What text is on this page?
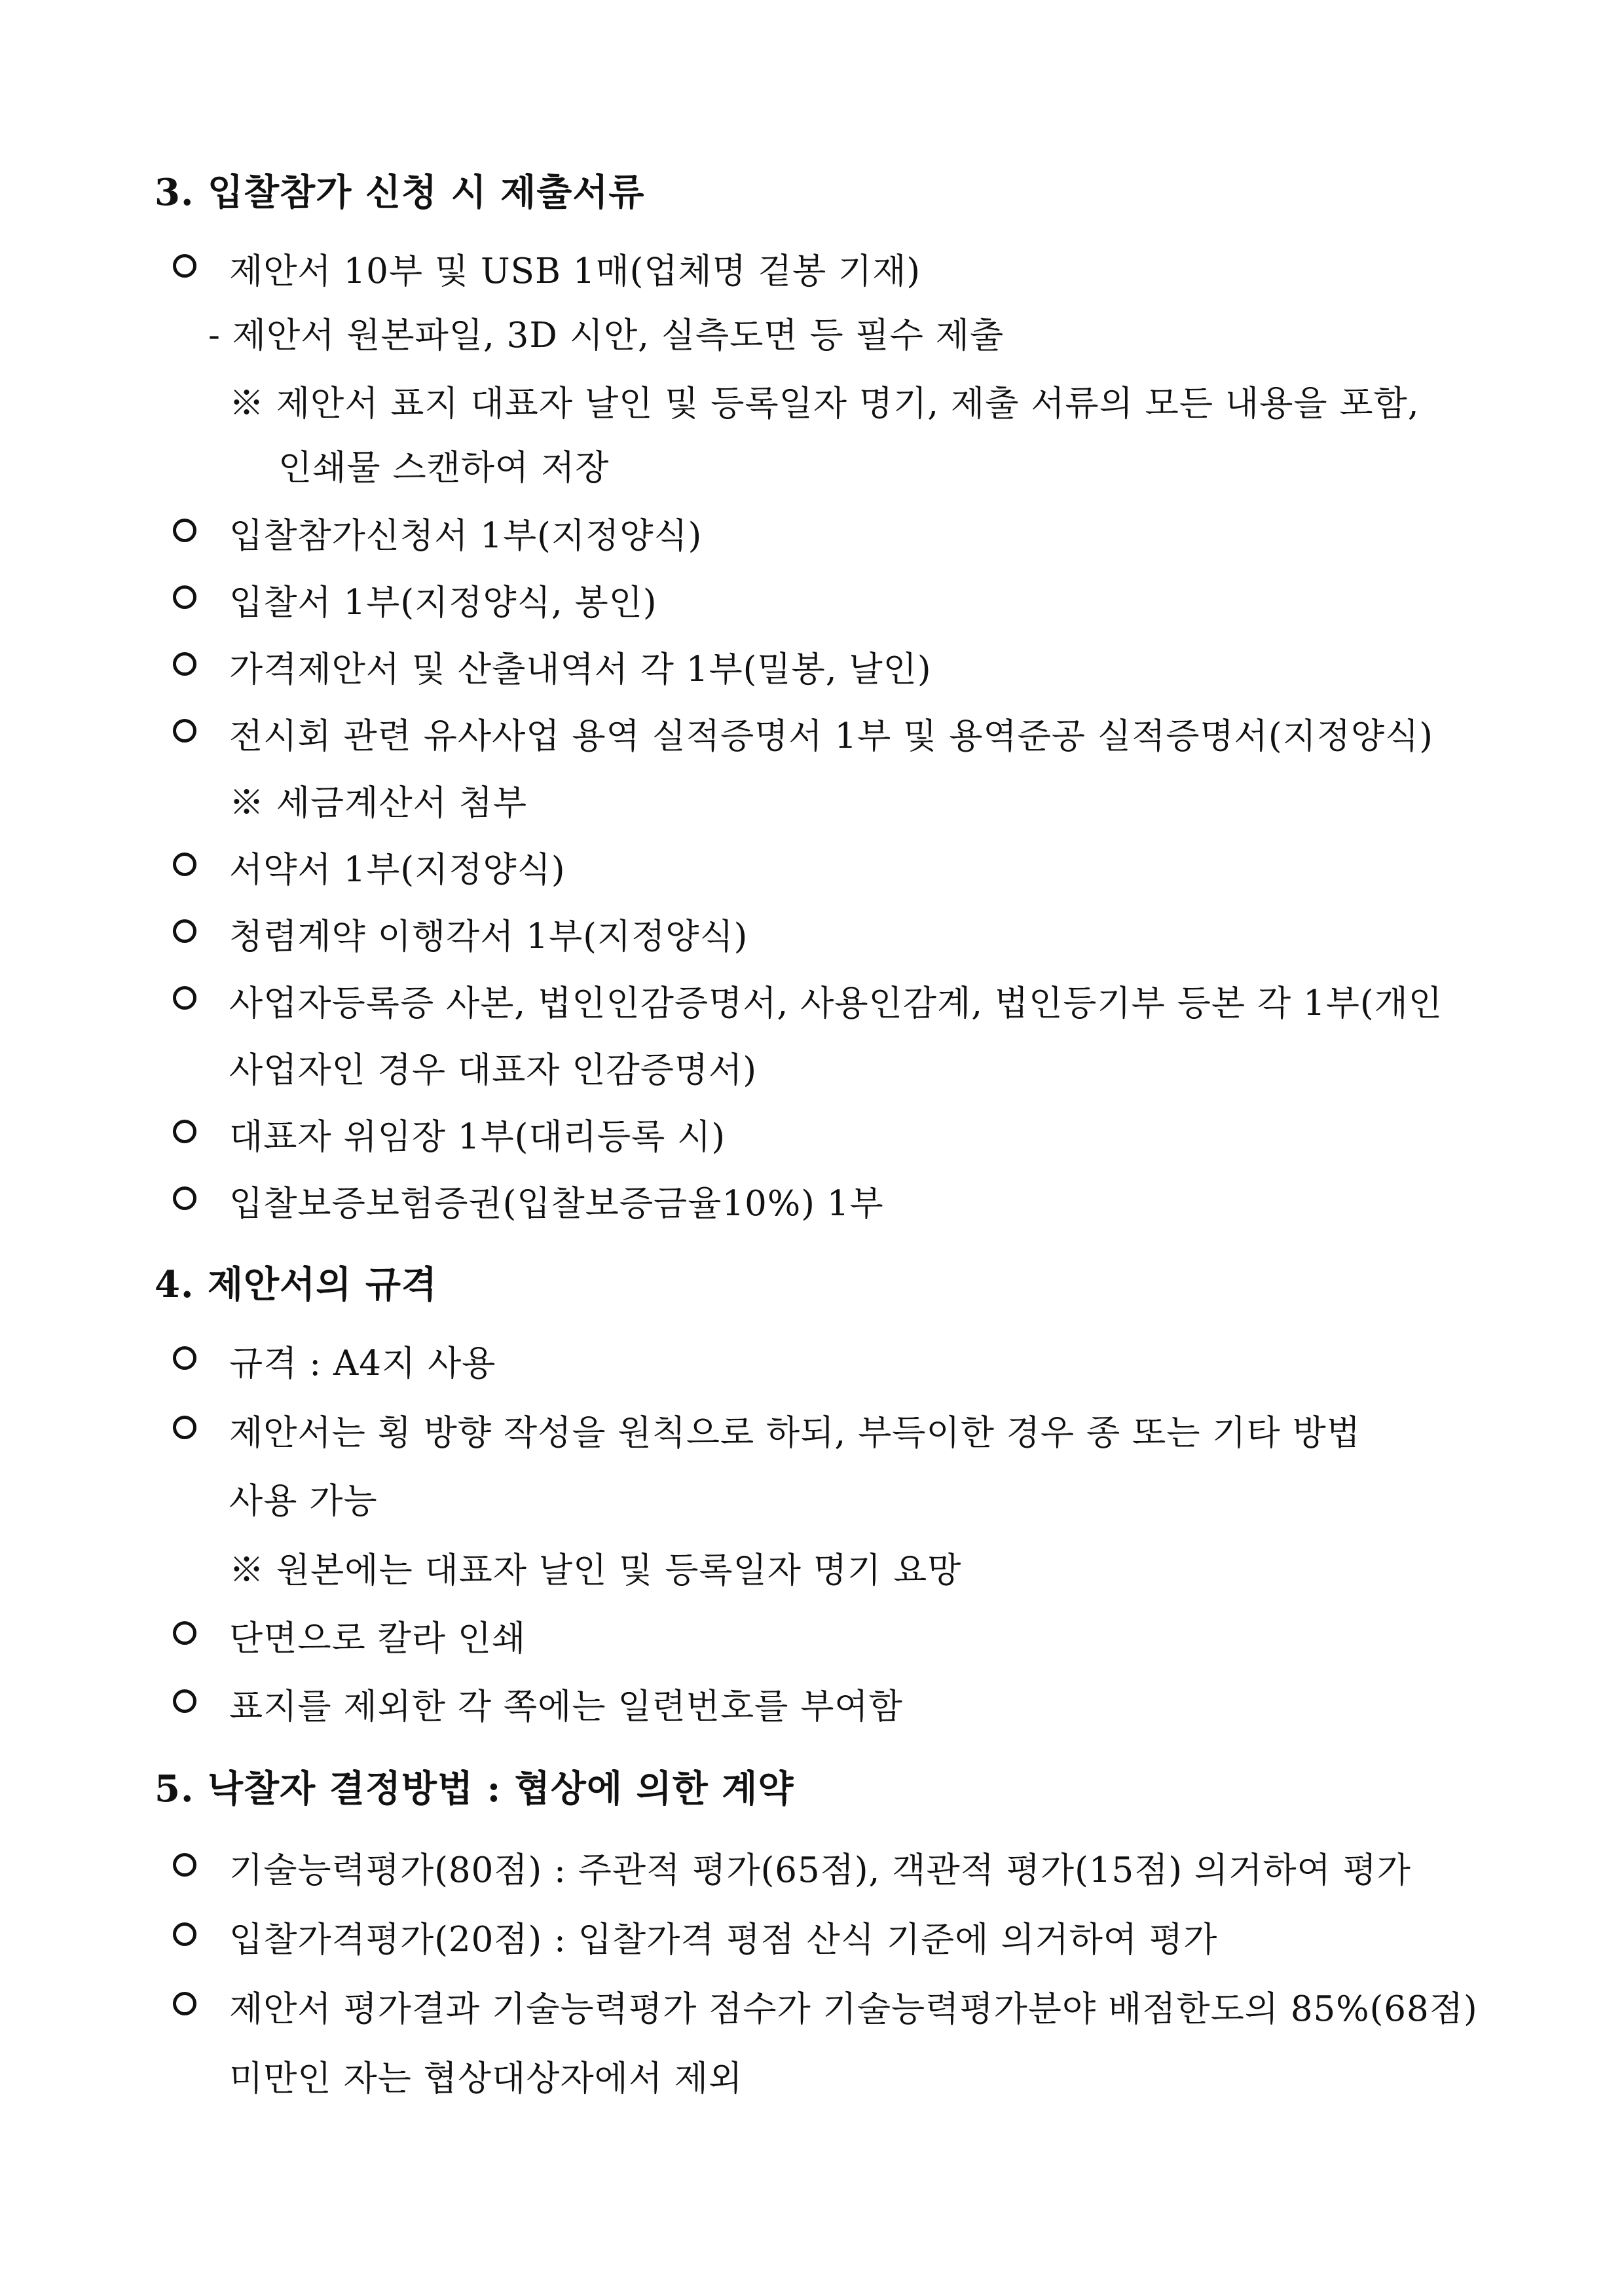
3. 입찰참가 신청 시 제출서류
제안서 10부 및 USB 1매(업체명 겉봉 기재)
- 제안서 원본파일, 3D 시안, 실측도면 등 필수 제출
※ 제안서 표지 대표자 날인 및 등록일자 명기, 제출 서류의 모든 내용을 포함,
인쇄물 스캔하여 저장
입찰참가신청서 1부(지정양식)
입찰서 1부(지정양식, 봉인)
가격제안서 및 산출내역서 각 1부(밀봉, 날인)
전시회 관련 유사사업 용역 실적증명서 1부 및 용역준공 실적증명서(지정양식)
※ 세금계산서 첨부
서약서 1부(지정양식)
청렴계약 이행각서 1부(지정양식)
사업자등록증 사본, 법인인감증명서, 사용인감계, 법인등기부 등본 각 1부(개인
사업자인 경우 대표자 인감증명서)
대표자 위임장 1부(대리등록 시)
입찰보증보험증권(입찰보증금율10%) 1부
4. 제안서의 규격
규격 : A4지 사용
제안서는 횡 방향 작성을 원칙으로 하되, 부득이한 경우 종 또는 기타 방법
사용 가능
※ 원본에는 대표자 날인 및 등록일자 명기 요망
단면으로 칼라 인쇄
표지를 제외한 각 쪽에는 일련번호를 부여함
5. 낙찰자 결정방법 : 협상에 의한 계약
기술능력평가(80점) : 주관적 평가(65점), 객관적 평가(15점) 의거하여 평가
입찰가격평가(20점) : 입찰가격 평점 산식 기준에 의거하여 평가
제안서 평가결과 기술능력평가 점수가 기술능력평가분야 배점한도의 85%(68점)
미만인 자는 협상대상자에서 제외
